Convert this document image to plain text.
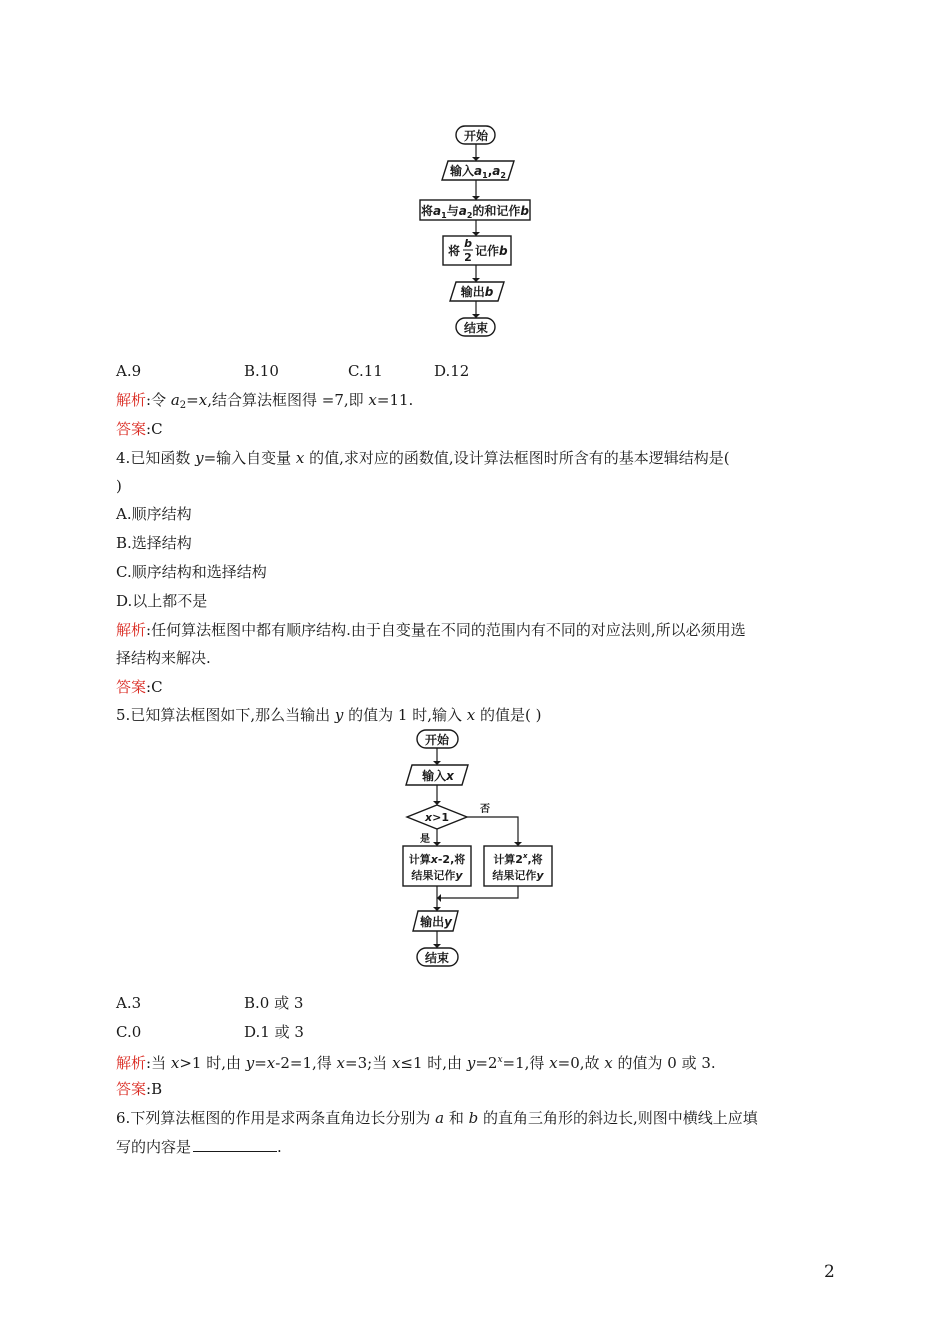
开始
输入$a_1,a_2$
将$a_1$与$a_2$的和记作b
将
b
2 记作b
输出b
结束
A.9	B.10	C.11	D.12
解析:令 $a_2=x$,结合算法框图得 =7,即 x=11.
答案:C
4.已知函数 y=输入自变量 x 的值,求对应的函数值,设计算法框图时所含有的基本逻辑结构是(
)
A.顺序结构
B.选择结构
C.顺序结构和选择结构
D.以上都不是
解析:任何算法框图中都有顺序结构.由于自变量在不同的范围内有不同的对应法则,所以必须用选
择结构来解决.
答案:C
5.已知算法框图如下,那么当输出 y 的值为 1 时,输入 x 的值是( )
开始
输入x
x>1
否
是
计算x-2,将
结果记作y
计算2$^x$,将
结果记作y
输出y
结束
A.3	B.0 或 3
C.0	D.1 或 3
解析:当 x>1 时,由 y=x-2=1,得 x=3;当 x≤1 时,由 $y=2^x=1$,得 x=0,故 x 的值为 0 或 3.
答案:B
6.下列算法框图的作用是求两条直角边长分别为 a 和 b 的直角三角形的斜边长,则图中横线上应填
写的内容是	.
2
